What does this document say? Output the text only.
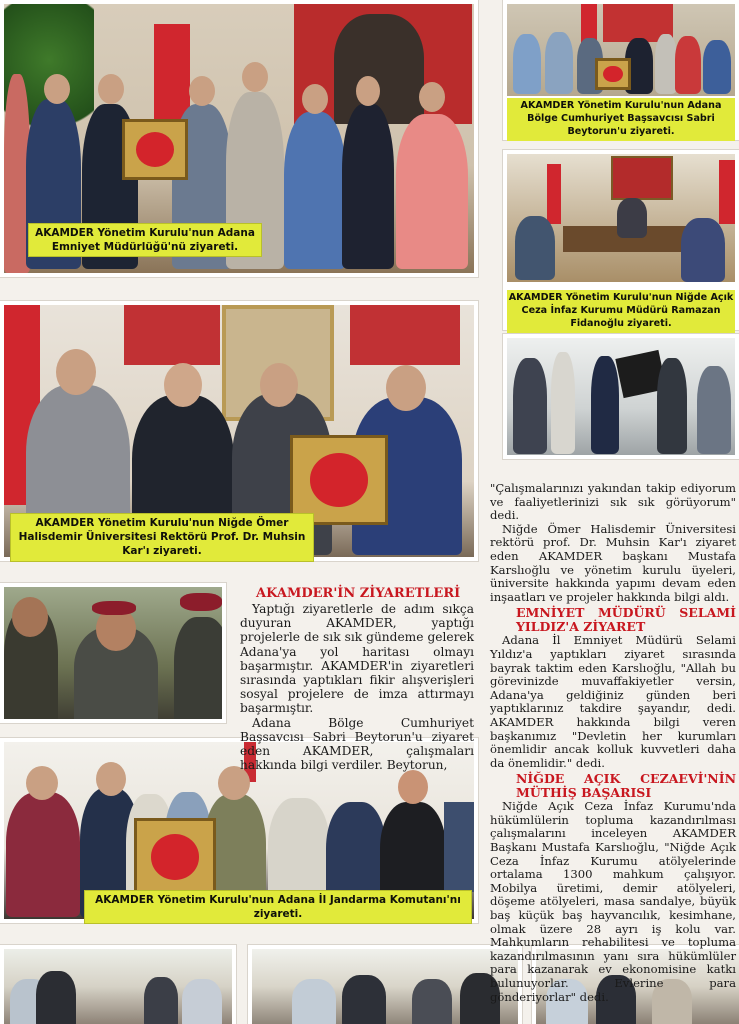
AKAMDER Yönetim Kurulu'nun Adana Emniyet Müdürlüğü'nü ziyareti.
AKAMDER Yönetim Kurulu'nun Adana Bölge Cumhuriyet Başsavcısı Sabri Beytorun'u ziyareti.
AKAMDER Yönetim Kurulu'nun Niğde Açık Ceza İnfaz Kurumu Müdürü Ramazan Fidanoğlu ziyareti.
AKAMDER Yönetim Kurulu'nun Niğde Ömer Halisdemir Üniversitesi Rektörü Prof. Dr. Muhsin Kar'ı ziyareti.
AKAMDER Yönetim Kurulu'nun Adana İl Jandarma Komutanı'nı ziyareti.
AKAMDER'İN ZİYARETLERİ

Yaptığı ziyaretlerle de adım sıkça duyuran AKAMDER, yaptığı projelerle de sık sık gündeme gelerek Adana'ya yol haritası olmayı başarmıştır. AKAMDER'in ziyaretleri sırasında yaptıkları fikir alışverişleri sosyal projelere de imza attırmayı başarmıştır.

Adana Bölge Cumhuriyet Başsavcısı Sabri Beytorun'u ziyaret eden AKAMDER, çalışmaları hakkında bilgi verdiler. Beytorun,

"Çalışmalarınızı yakından takip ediyorum ve faaliyetlerinizi sık sık görüyorum" dedi.

Niğde Ömer Halisdemir Üniversitesi rektörü prof. Dr. Muhsin Kar'ı ziyaret eden AKAMDER başkanı Mustafa Karslıoğlu ve yönetim kurulu üyeleri, üniversite hakkında yapımı devam eden inşaatları ve projeler hakkında bilgi aldı.

EMNİYET MÜDÜRÜ SELAMİ YILDIZ'A ZİYARET

Adana İl Emniyet Müdürü Selami Yıldız'a yaptıkları ziyaret sırasında bayrak taktim eden Karslıoğlu, "Allah bu görevinizde muvaffakiyetler versin, Adana'ya geldiğiniz günden beri yaptıklarınız takdire şayandır, dedi. AKAMDER hakkında bilgi veren başkanımız "Devletin her kurumları önemlidir ancak kolluk kuvvetleri daha da önemlidir." dedi.

NİĞDE AÇIK CEZAEVİ'NİN MÜTHİŞ BAŞARISI

Niğde Açık Ceza İnfaz Kurumu'nda hükümlülerin topluma kazandırılması çalışmalarını inceleyen AKAMDER Başkanı Mustafa Karslıoğlu, "Niğde Açık Ceza İnfaz Kurumu atölyelerinde ortalama 1300 mahkum çalışıyor. Mobilya üretimi, demir atölyeleri, döşeme atölyeleri, masa sandalye, büyük baş küçük baş hayvancılık, kesimhane, olmak üzere 28 ayrı iş kolu var. Mahkumların rehabilitesi ve topluma kazandırılmasının yanı sıra hükümlüler para kazanarak ev ekonomisine katkı bulunuyorlar. Evlerine para gönderiyorlar" dedi.
